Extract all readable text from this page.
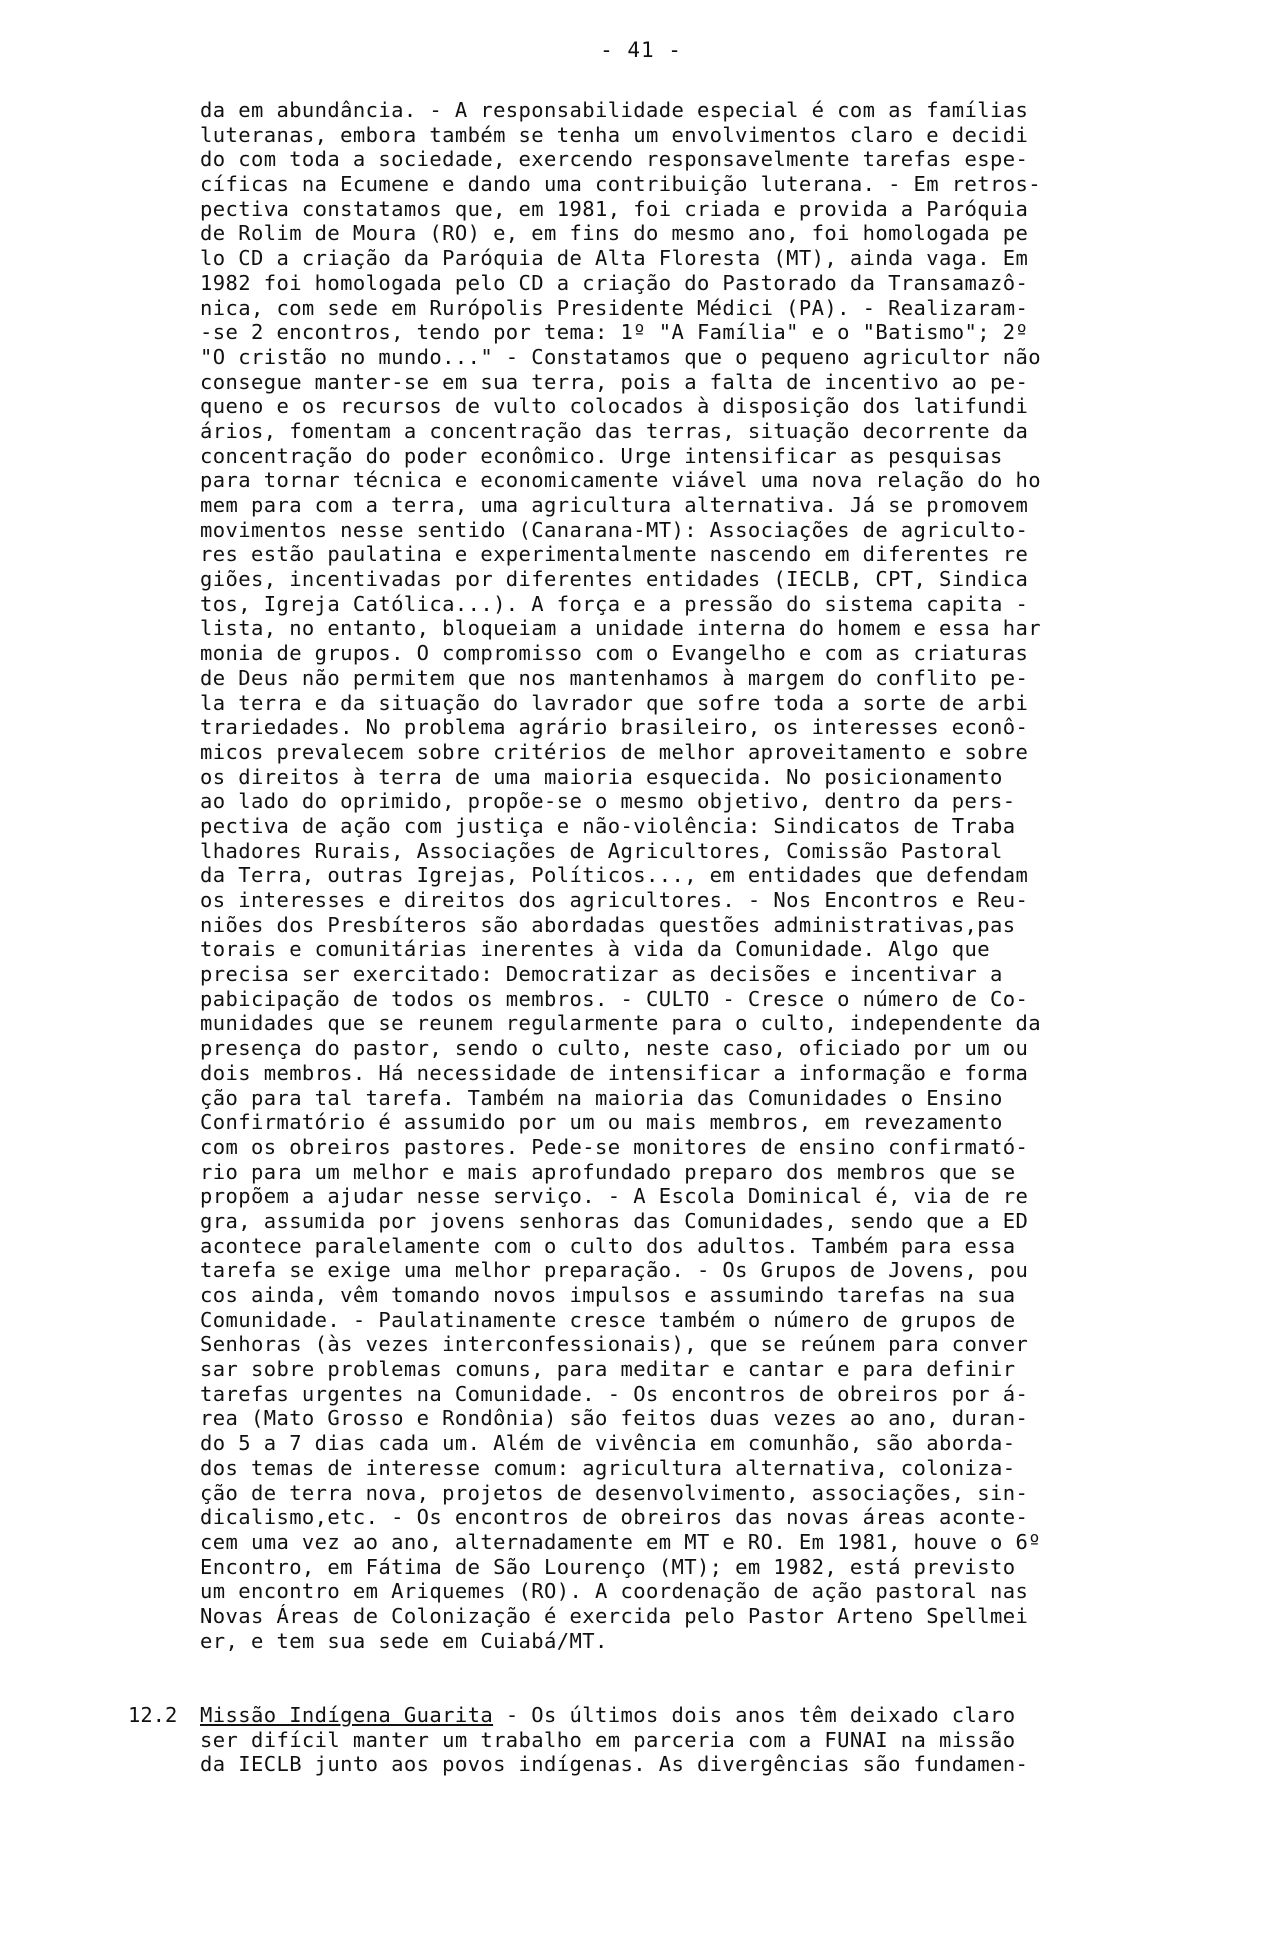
- 41 -
da em abundância. - A responsabilidade especial é com as famílias
luteranas, embora também se tenha um envolvimentos claro e decidi
do com toda a sociedade, exercendo responsavelmente tarefas espe-
cíficas na Ecumene e dando uma contribuição luterana. - Em retros-
pectiva constatamos que, em 1981, foi criada e provida a Paróquia
de Rolim de Moura (RO) e, em fins do mesmo ano, foi homologada pe
lo CD a criação da Paróquia de Alta Floresta (MT), ainda vaga. Em
1982 foi homologada pelo CD a criação do Pastorado da Transamazô-
nica, com sede em Rurópolis Presidente Médici (PA). - Realizaram-
-se 2 encontros, tendo por tema: 1º "A Família" e o "Batismo"; 2º
"O cristão no mundo..." - Constatamos que o pequeno agricultor não
consegue manter-se em sua terra, pois a falta de incentivo ao pe-
queno e os recursos de vulto colocados à disposição dos latifundi
ários, fomentam a concentração das terras, situação decorrente da
concentração do poder econômico. Urge intensificar as pesquisas
para tornar técnica e economicamente viável uma nova relação do ho
mem para com a terra, uma agricultura alternativa. Já se promovem
movimentos nesse sentido (Canarana-MT): Associações de agriculto-
res estão paulatina e experimentalmente nascendo em diferentes re
giões, incentivadas por diferentes entidades (IECLB, CPT, Sindica
tos, Igreja Católica...). A força e a pressão do sistema capita -
lista, no entanto, bloqueiam a unidade interna do homem e essa har
monia de grupos. O compromisso com o Evangelho e com as criaturas
de Deus não permitem que nos mantenhamos à margem do conflito pe-
la terra e da situação do lavrador que sofre toda a sorte de arbi
trariedades. No problema agrário brasileiro, os interesses econô-
micos prevalecem sobre critérios de melhor aproveitamento e sobre
os direitos à terra de uma maioria esquecida. No posicionamento
ao lado do oprimido, propõe-se o mesmo objetivo, dentro da pers-
pectiva de ação com justiça e não-violência: Sindicatos de Traba
lhadores Rurais, Associações de Agricultores, Comissão Pastoral
da Terra, outras Igrejas, Políticos..., em entidades que defendam
os interesses e direitos dos agricultores. - Nos Encontros e Reu-
niões dos Presbíteros são abordadas questões administrativas,pas
torais e comunitárias inerentes à vida da Comunidade. Algo que
precisa ser exercitado: Democratizar as decisões e incentivar a
pabicipação de todos os membros. - CULTO - Cresce o número de Co-
munidades que se reunem regularmente para o culto, independente da
presença do pastor, sendo o culto, neste caso, oficiado por um ou
dois membros. Há necessidade de intensificar a informação e forma
ção para tal tarefa. Também na maioria das Comunidades o Ensino
Confirmatório é assumido por um ou mais membros, em revezamento
com os obreiros pastores. Pede-se monitores de ensino confirmató-
rio para um melhor e mais aprofundado preparo dos membros que se
propõem a ajudar nesse serviço. - A Escola Dominical é, via de re
gra, assumida por jovens senhoras das Comunidades, sendo que a ED
acontece paralelamente com o culto dos adultos. Também para essa
tarefa se exige uma melhor preparação. - Os Grupos de Jovens, pou
cos ainda, vêm tomando novos impulsos e assumindo tarefas na sua
Comunidade. - Paulatinamente cresce também o número de grupos de
Senhoras (às vezes interconfessionais), que se reúnem para conver
sar sobre problemas comuns, para meditar e cantar e para definir
tarefas urgentes na Comunidade. - Os encontros de obreiros por á-
rea (Mato Grosso e Rondônia) são feitos duas vezes ao ano, duran-
do 5 a 7 dias cada um. Além de vivência em comunhão, são aborda-
dos temas de interesse comum: agricultura alternativa, coloniza-
ção de terra nova, projetos de desenvolvimento, associações, sin-
dicalismo,etc. - Os encontros de obreiros das novas áreas aconte-
cem uma vez ao ano, alternadamente em MT e RO. Em 1981, houve o 6º
Encontro, em Fátima de São Lourenço (MT); em 1982, está previsto
um encontro em Ariquemes (RO). A coordenação de ação pastoral nas
Novas Áreas de Colonização é exercida pelo Pastor Arteno Spellmei
er, e tem sua sede em Cuiabá/MT.
12.2 Missão Indígena Guarita - Os últimos dois anos têm deixado claro
ser difícil manter um trabalho em parceria com a FUNAI na missão
da IECLB junto aos povos indígenas. As divergências são fundamen-
